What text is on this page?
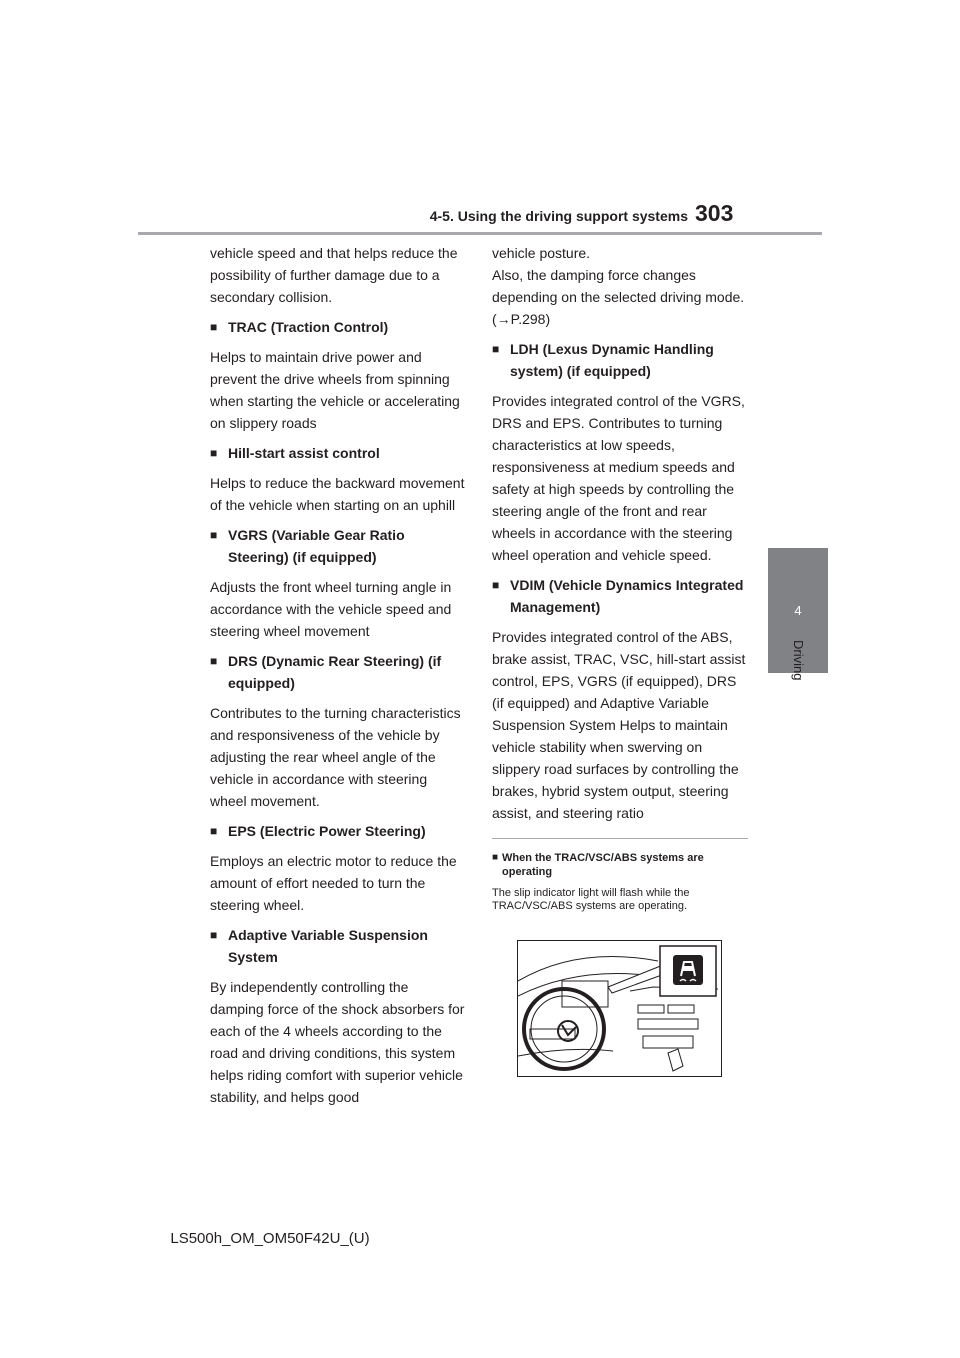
4-5. Using the driving support systems 303
4
Driving

vehicle speed and that helps reduce the possibility of further damage due to a secondary collision.

■ TRAC (Traction Control)

Helps to maintain drive power and prevent the drive wheels from spinning when starting the vehicle or accelerating on slippery roads

■ Hill-start assist control

Helps to reduce the backward movement of the vehicle when starting on an uphill

■ VGRS (Variable Gear Ratio Steering) (if equipped)

Adjusts the front wheel turning angle in accordance with the vehicle speed and steering wheel movement

■ DRS (Dynamic Rear Steering) (if equipped)

Contributes to the turning characteristics and responsiveness of the vehicle by adjusting the rear wheel angle of the vehicle in accordance with steering wheel movement.

■ EPS (Electric Power Steering)

Employs an electric motor to reduce the amount of effort needed to turn the steering wheel.

■ Adaptive Variable Suspension System

By independently controlling the damping force of the shock absorbers for each of the 4 wheels according to the road and driving conditions, this system helps riding comfort with superior vehicle stability, and helps good

vehicle posture.

Also, the damping force changes depending on the selected driving mode. (→P.298)

■ LDH (Lexus Dynamic Handling system) (if equipped)

Provides integrated control of the VGRS, DRS and EPS. Contributes to turning characteristics at low speeds, responsiveness at medium speeds and safety at high speeds by controlling the steering angle of the front and rear wheels in accordance with the steering wheel operation and vehicle speed.

■ VDIM (Vehicle Dynamics Integrated Management)

Provides integrated control of the ABS, brake assist, TRAC, VSC, hill-start assist control, EPS, VGRS (if equipped), DRS (if equipped) and Adaptive Variable Suspension System Helps to maintain vehicle stability when swerving on slippery road surfaces by controlling the brakes, hybrid system output, steering assist, and steering ratio

■ When the TRAC/VSC/ABS systems are operating

The slip indicator light will flash while the TRAC/VSC/ABS systems are operating.

LS500h_OM_OM50F42U_(U)
